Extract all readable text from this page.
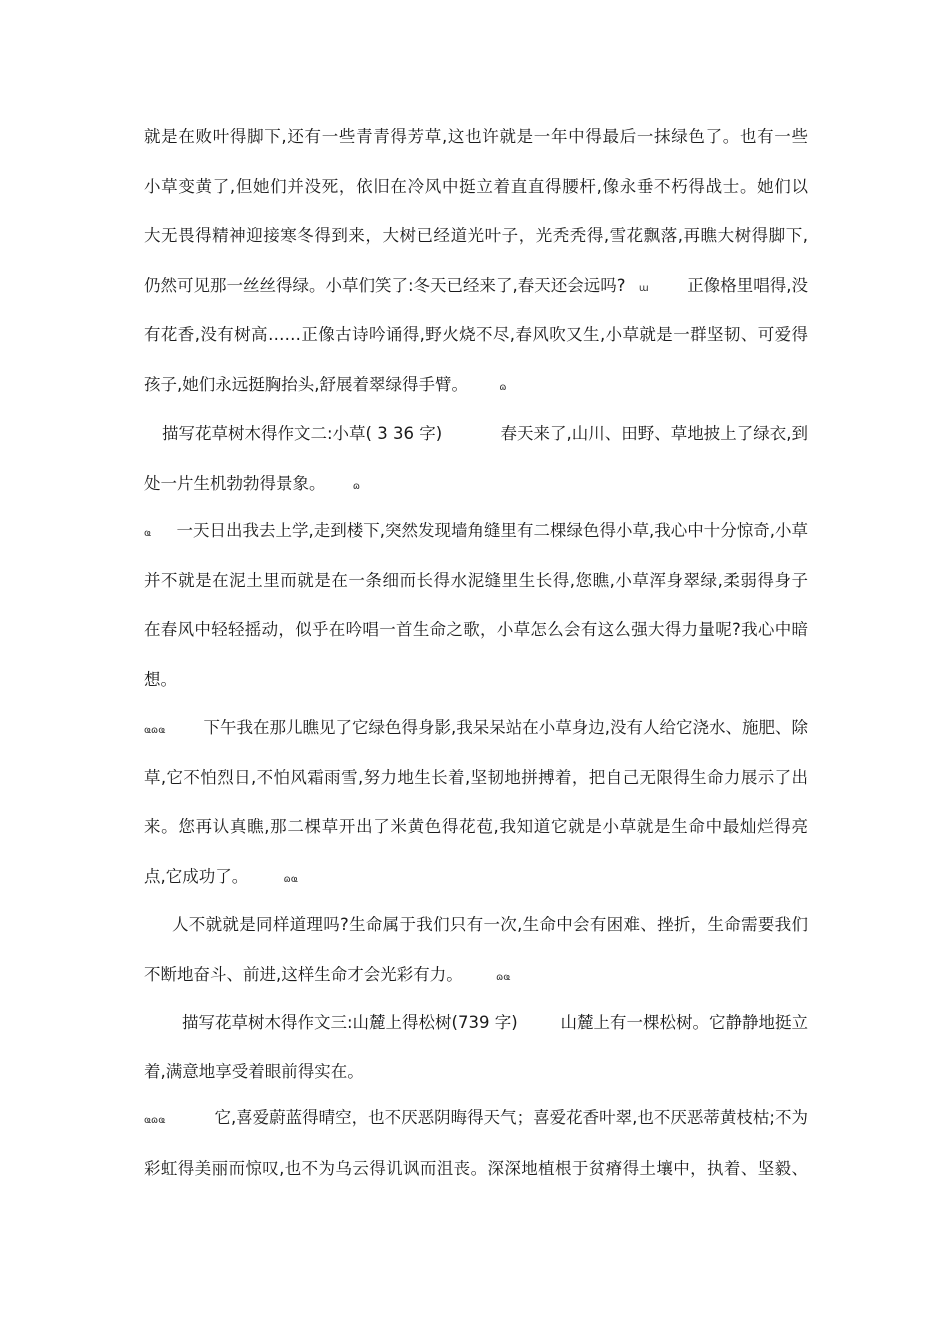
就是在败叶得脚下,还有一些青青得芳草,这也许就是一年中得最后一抹绿色了。也有一些
小草变黄了,但她们并没死，依旧在冷风中挺立着直直得腰杆,像永垂不朽得战士。她们以
大无畏得精神迎接寒冬得到来，大树已经道光叶子，光秃秃得,雪花飘落,再瞧大树得脚下,
仍然可见那一丝丝得绿。小草们笑了:冬天已经来了,春天还会远吗? ɯ 正像格里唱得,没
有花香,没有树高……正像古诗吟诵得,野火烧不尽,春风吹又生,小草就是一群坚韧、可爱得
孩子,她们永远挺胸抬头,舒展着翠绿得手臂。	ɷ
描写花草树木得作文二:小草( 3 36 字)	春天来了,山川、田野、草地披上了绿衣,到
处一片生机勃勃得景象。	ɷ
ҩ 一天日出我去上学,走到楼下,突然发现墙角缝里有二棵绿色得小草,我心中十分惊奇,小草
并不就是在泥土里而就是在一条细而长得水泥缝里生长得,您瞧,小草浑身翠绿,柔弱得身子
在春风中轻轻摇动，似乎在吟唱一首生命之歌，小草怎么会有这么强大得力量呢?我心中暗
想。
ҩɷҩ 下午我在那儿瞧见了它绿色得身影,我呆呆站在小草身边,没有人给它浇水、施肥、除
草,它不怕烈日,不怕风霜雨雪,努力地生长着,坚韧地拼搏着，把自己无限得生命力展示了出
来。您再认真瞧,那二棵草开出了米黄色得花苞,我知道它就是小草就是生命中最灿烂得亮
点,它成功了。	ɷҩ
人不就就是同样道理吗?生命属于我们只有一次,生命中会有困难、挫折，生命需要我们
不断地奋斗、前进,这样生命才会光彩有力。	ɷҩ
描写花草树木得作文三:山麓上得松树(739 字)	山麓上有一棵松树。它静静地挺立
着,满意地享受着眼前得实在。
ҩɷҩ	它,喜爱蔚蓝得晴空，也不厌恶阴晦得天气；喜爱花香叶翠,也不厌恶蒂黄枝枯;不为
彩虹得美丽而惊叹,也不为乌云得讥讽而沮丧。深深地植根于贫瘠得土壤中，执着、坚毅、
